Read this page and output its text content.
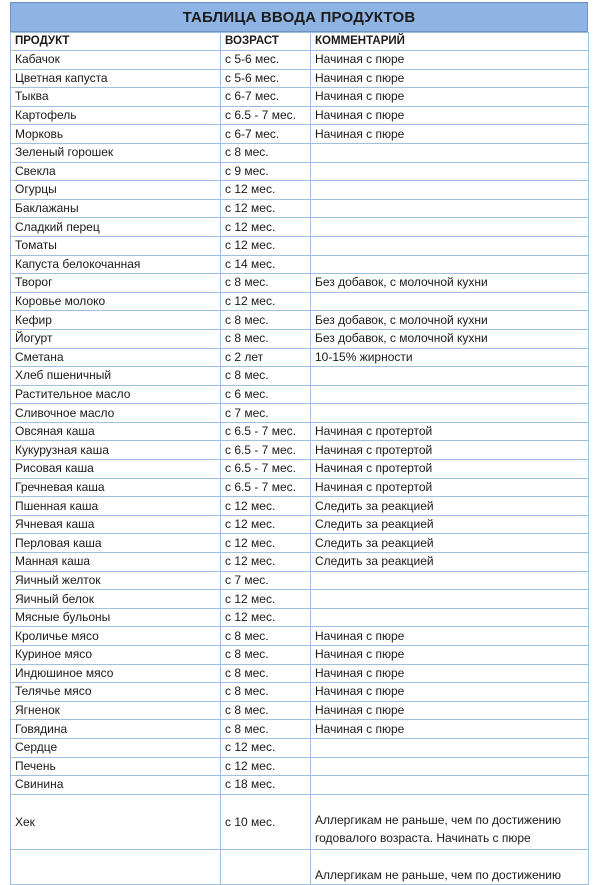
ТАБЛИЦА ВВОДА ПРОДУКТОВ
ПРОДУКТ	ВОЗРАСТ	КОММЕНТАРИЙ
Кабачок	с 5-6 мес.	Начиная с пюре
Цветная капуста	с 5-6 мес.	Начиная с пюре
Тыква	с 6-7 мес.	Начиная с пюре
Картофель	с 6.5 - 7 мес.	Начиная с пюре
Морковь	с 6-7 мес.	Начиная с пюре
Зеленый горошек	с 8 мес.	
Свекла	с 9 мес.	
Огурцы	с 12 мес.	
Баклажаны	с 12 мес.	
Сладкий перец	с 12 мес.	
Томаты	с 12 мес.	
Капуста белокочанная	с 14 мес.	
Творог	с 8 мес.	Без добавок, с молочной кухни
Коровье молоко	с 12 мес.	
Кефир	с 8 мес.	Без добавок, с молочной кухни
Йогурт	с 8 мес.	Без добавок, с молочной кухни
Сметана	с 2 лет	10-15% жирности
Хлеб пшеничный	с 8 мес.	
Растительное масло	с 6 мес.	
Сливочное масло	с 7 мес.	
Овсяная каша	с 6.5 - 7 мес.	Начиная с протертой
Кукурузная каша	с 6.5 - 7 мес.	Начиная с протертой
Рисовая каша	с 6.5 - 7 мес.	Начиная с протертой
Гречневая каша	с 6.5 - 7 мес.	Начиная с протертой
Пшенная каша	с 12 мес.	Следить за реакцией
Ячневая каша	с 12 мес.	Следить за реакцией
Перловая каша	с 12 мес.	Следить за реакцией
Манная каша	с 12 мес.	Следить за реакцией
Яичный желток	с 7 мес.	
Яичный белок	с 12 мес.	
Мясные бульоны	с 12 мес.	
Кроличье мясо	с 8 мес.	Начиная с пюре
Куриное мясо	с 8 мес.	Начиная с пюре
Индюшиное мясо	с 8 мес.	Начиная с пюре
Телячье мясо	с 8 мес.	Начиная с пюре
Ягненок	с 8 мес.	Начиная с пюре
Говядина	с 8 мес.	Начиная с пюре
Сердце	с 12 мес.	
Печень	с 12 мес.	
Свинина	с 18 мес.	
Хек	с 10 мес.	Аллергикам не раньше, чем по достижению годовалого возраста. Начинать с пюре
		Аллергикам не раньше, чем по достижению
